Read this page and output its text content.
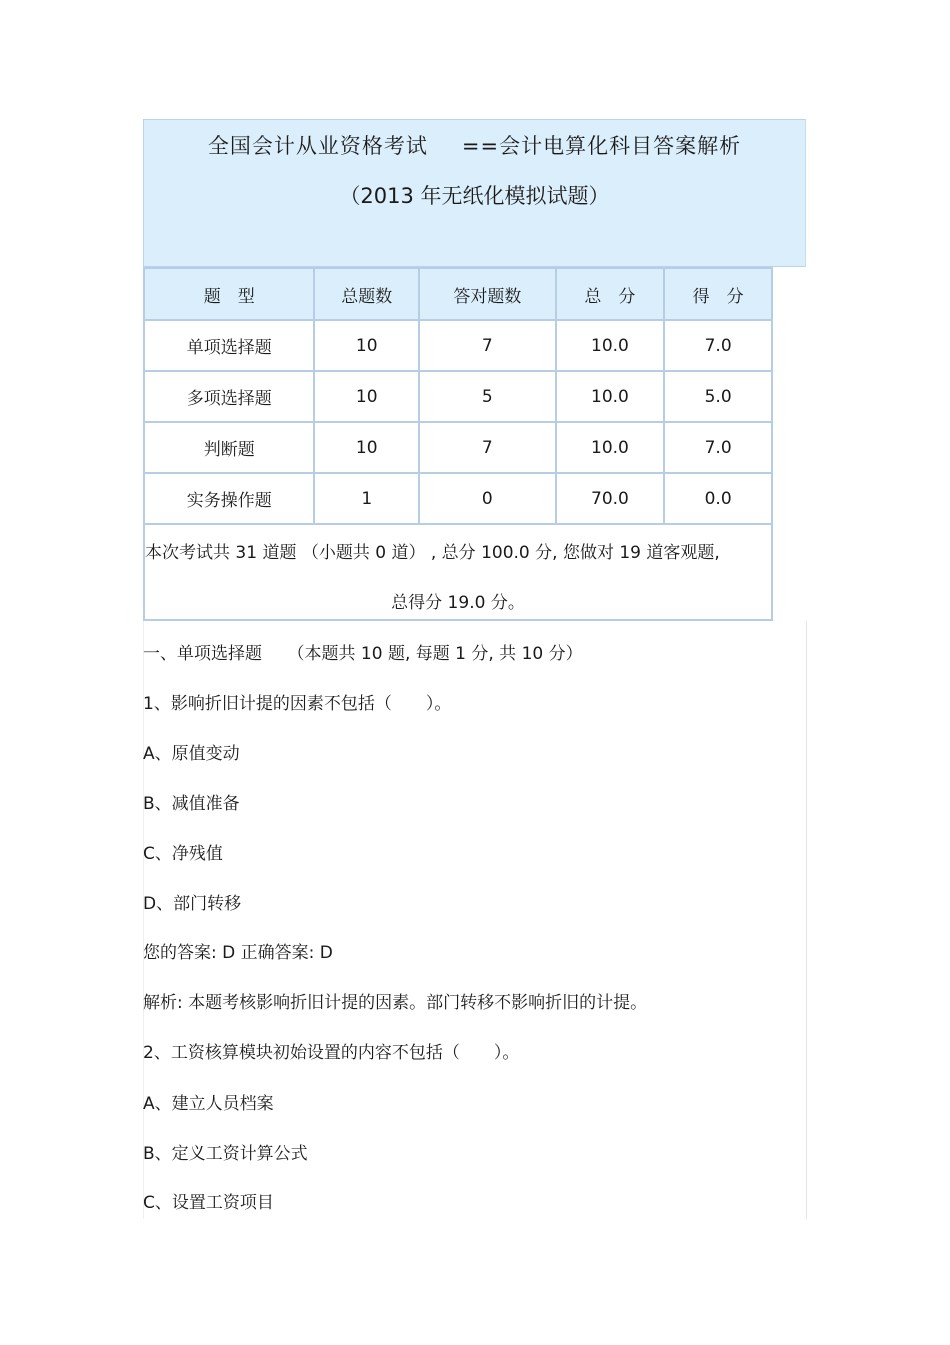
全国会计从业资格考试 ==会计电算化科目答案解析
（2013 年无纸化模拟试题）
题　型	总题数	答对题数	总　分	得　分
单项选择题	10	7	10.0	7.0
多项选择题	10	5	10.0	5.0
判断题	10	7	10.0	7.0
实务操作题	1	0	70.0	0.0
本次考试共 31 道题 （小题共 0 道） , 总分 100.0 分, 您做对 19 道客观题,
总得分 19.0 分。
一、单项选择题　　（本题共 10 题, 每题 1 分, 共 10 分）
1、影响折旧计提的因素不包括（　　）。
A、原值变动
B、减值准备
C、净残值
D、部门转移
您的答案: D 正确答案: D
解析: 本题考核影响折旧计提的因素。部门转移不影响折旧的计提。
2、工资核算模块初始设置的内容不包括（　　）。
A、建立人员档案
B、定义工资计算公式
C、设置工资项目
